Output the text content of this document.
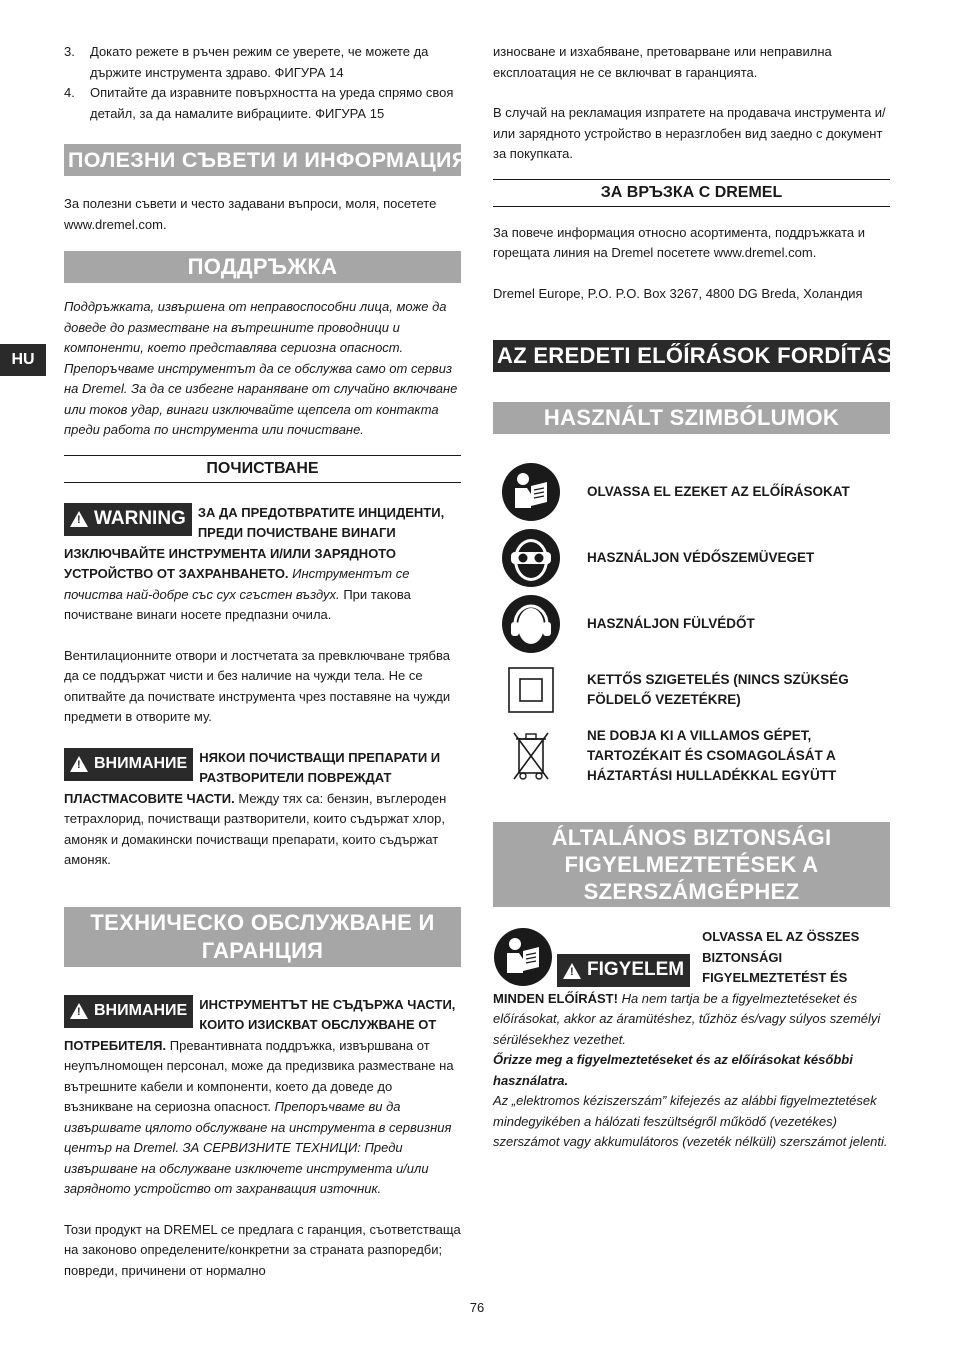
HU
3.	Докато режете в ръчен режим се уверете, че можете да държите инструмента здраво. ФИГУРА 14
4.	Опитайте да изравните повърхността на уреда спрямо своя детайл, за да намалите вибрациите. ФИГУРА 15
ПОЛЕЗНИ СЪВЕТИ И ИНФОРМАЦИЯ

За полезни съвети и често задавани въпроси, моля, посетете www.dremel.com.

ПОДДРЪЖКА

Поддръжката, извършена от неправоспособни лица, може да доведе до разместване на вътрешните проводници и компоненти, което представлява сериозна опасност. Препоръчваме инструментът да се обслужва само от сервиз на Dremel. За да се избегне нараняване от случайно включване или токов удар, винаги изключвайте щепсела от контакта преди работа по инструмента или почистване.

ПОЧИСТВАНЕ
!
WARNING ЗА ДА ПРЕДОТВРАТИТЕ ИНЦИДЕНТИ, ПРЕДИ ПОЧИСТВАНЕ ВИНАГИ ИЗКЛЮЧВАЙТЕ ИНСТРУМЕНТА И/ИЛИ ЗАРЯДНОТО УСТРОЙСТВО ОТ ЗАХРАНВАНЕТО. Инструментът се почиства най-добре със сух сгъстен въздух. При такова почистване винаги носете предпазни очила.

Вентилационните отвори и лостчетата за превключване трябва да се поддържат чисти и без наличие на чужди тела. Не се опитвайте да почиствате инструмента чрез поставяне на чужди предмети в отворите му.

!
ВНИМАНИЕ НЯКОИ ПОЧИСТВАЩИ ПРЕПАРАТИ И РАЗТВОРИТЕЛИ ПОВРЕЖДАТ ПЛАСТМАСОВИТЕ ЧАСТИ. Между тях са: бензин, въглероден тетрахлорид, почистващи разтворители, които съдържат хлор, амоняк и домакински почистващи препарати, които съдържат амоняк.
ТЕХНИЧЕСКО ОБСЛУЖВАНЕ И ГАРАНЦИЯ
!
ВНИМАНИЕ ИНСТРУМЕНТЪТ НЕ СЪДЪРЖА ЧАСТИ, КОИТО ИЗИСКВАТ ОБСЛУЖВАНЕ ОТ ПОТРЕБИТЕЛЯ. Превантивната поддръжка, извършвана от неупълномощен персонал, може да предизвика разместване на вътрешните кабели и компоненти, което да доведе до възникване на сериозна опасност. Препоръчваме ви да извършвате цялото обслужване на инструмента в сервизния център на Dremel. ЗА СЕРВИЗНИТЕ ТЕХНИЦИ: Преди извършване на обслужване изключете инструмента и/или зарядното устройство от захранващия източник.

Този продукт на DREMEL се предлага с гаранция, съответстваща на законово определените/конкретни за страната разпоредби; повреди, причинени от нормално

износване и изхабяване, претоварване или неправилна експлоатация не се включват в гаранцията.

В случай на рекламация изпратете на продавача инструмента и/или зарядното устройство в неразглобен вид заедно с документ за покупката.

ЗА ВРЪЗКА С DREMEL

За повече информация относно асортимента, поддръжката и горещата линия на Dremel посетете www.dremel.com.

Dremel Europe, P.O. P.O. Box 3267, 4800 DG Breda, Холандия

AZ EREDETI ELŐÍRÁSOK FORDÍTÁSA
HASZNÁLT SZIMBÓLUMOK
OLVASSA EL EZEKET AZ ELŐÍRÁSOKAT
HASZNÁLJON VÉDŐSZEMÜVEGET
HASZNÁLJON FÜLVÉDŐT
KETTŐS SZIGETELÉS (NINCS SZÜKSÉG FÖLDELŐ VEZETÉKRE)
NE DOBJA KI A VILLAMOS GÉPET, TARTOZÉKAIT ÉS CSOMAGOLÁSÁT A HÁZTARTÁSI HULLADÉKKAL EGYÜTT
ÁLTALÁNOS BIZTONSÁGI FIGYELMEZTETÉSEK A SZERSZÁMGÉPHEZ
!
FIGYELEM
OLVASSA EL AZ ÖSSZES BIZTONSÁGI FIGYELMEZTETÉST ÉS MINDEN ELŐÍRÁST! Ha nem tartja be a figyelmeztetéseket és előírásokat, akkor az áramütéshez, tűzhöz és/vagy súlyos személyi sérülésekhez vezethet.

Őrizze meg a figyelmeztetéseket és az előírásokat későbbi használatra.

Az „elektromos kéziszerszám” kifejezés az alábbi figyelmeztetések mindegyikében a hálózati feszültségről működő (vezetékes) szerszámot vagy akkumulátoros (vezeték nélküli) szerszámot jelenti.

76
